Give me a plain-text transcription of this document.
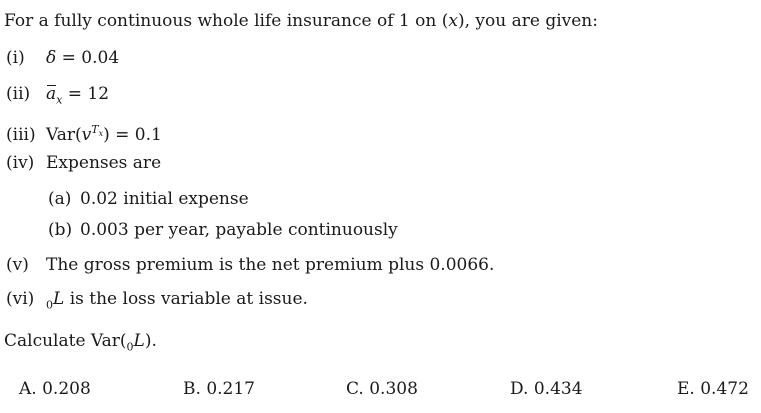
For a fully continuous whole life insurance of 1 on (x), you are given:
(i) δ = 0.04
(ii) $a_x = 12$
(iii) $Var(v^{T_x}) = 0.1$
(iv) Expenses are
(a) 0.02 initial expense
(b) 0.003 per year, payable continuously
(v) The gross premium is the net premium plus 0.0066.
(vi) $_0$L is the loss variable at issue.
Calculate $Var(_0L)$.
A. 0.208	B. 0.217	C. 0.308	D. 0.434	E. 0.472
